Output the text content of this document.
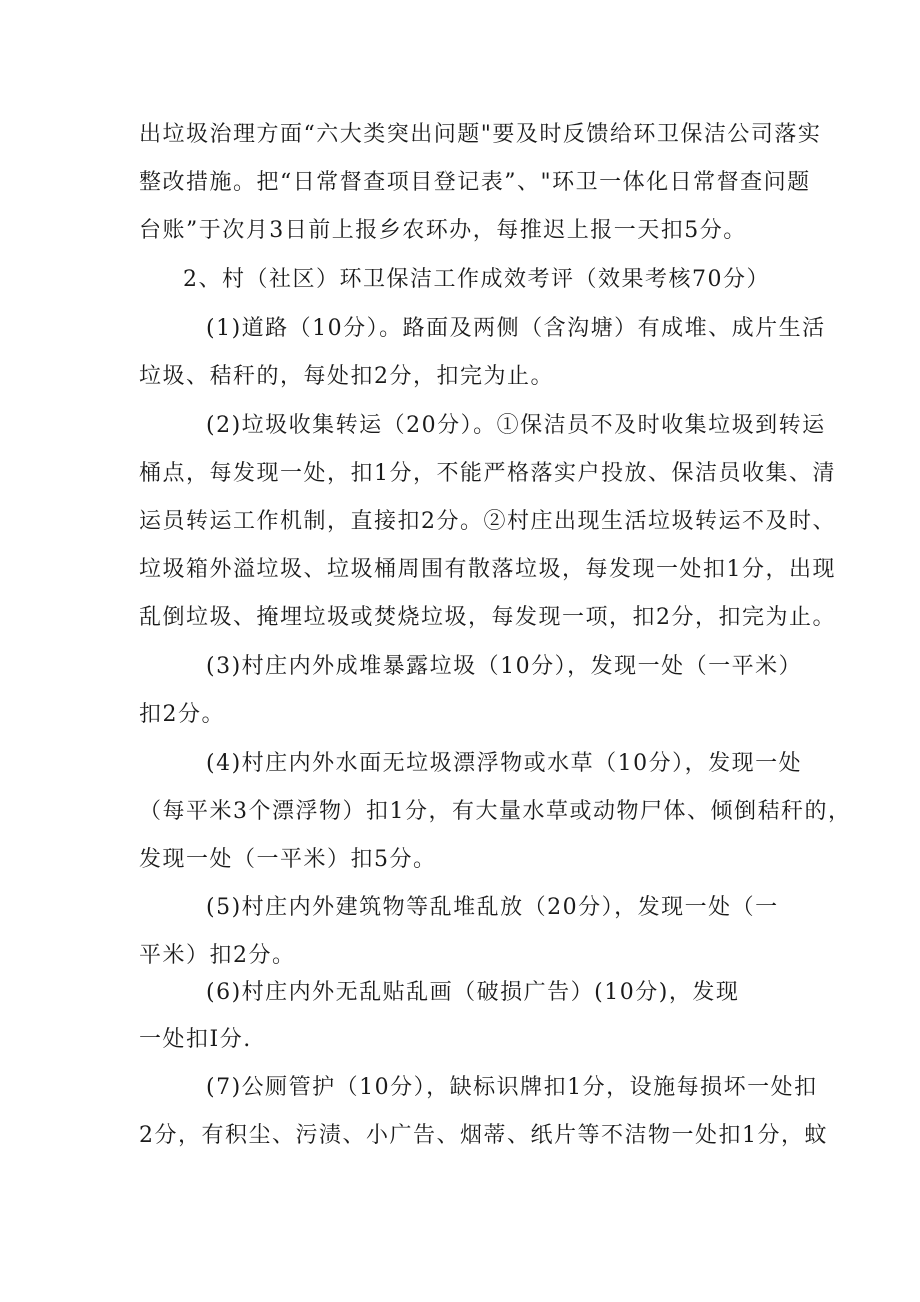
出垃圾治理方面“六大类突出问题"要及时反馈给环卫保洁公司落实
整改措施。把“日常督查项目登记表”、"环卫一体化日常督查问题
台账”于次月3日前上报乡农环办，每推迟上报一天扣5分。
2、村（社区）环卫保洁工作成效考评（效果考核70分）
(1)道路（10分）。路面及两侧（含沟塘）有成堆、成片生活
垃圾、秸秆的，每处扣2分，扣完为止。
(2)垃圾收集转运（20分）。①保洁员不及时收集垃圾到转运
桶点，每发现一处，扣1分，不能严格落实户投放、保洁员收集、清
运员转运工作机制，直接扣2分。②村庄出现生活垃圾转运不及时、
垃圾箱外溢垃圾、垃圾桶周围有散落垃圾，每发现一处扣1分，出现
乱倒垃圾、掩埋垃圾或焚烧垃圾，每发现一项，扣2分，扣完为止。
(3)村庄内外成堆暴露垃圾（10分），发现一处（一平米）
扣2分。
(4)村庄内外水面无垃圾漂浮物或水草（10分），发现一处
（每平米3个漂浮物）扣1分，有大量水草或动物尸体、倾倒秸秆的，
发现一处（一平米）扣5分。
(5)村庄内外建筑物等乱堆乱放（20分），发现一处（一
平米）扣2分。
(6)村庄内外无乱贴乱画（破损广告）(10分)，发现
一处扣I分.
(7)公厕管护（10分），缺标识牌扣1分，设施每损坏一处扣
2分，有积尘、污渍、小广告、烟蒂、纸片等不洁物一处扣1分，蚊
